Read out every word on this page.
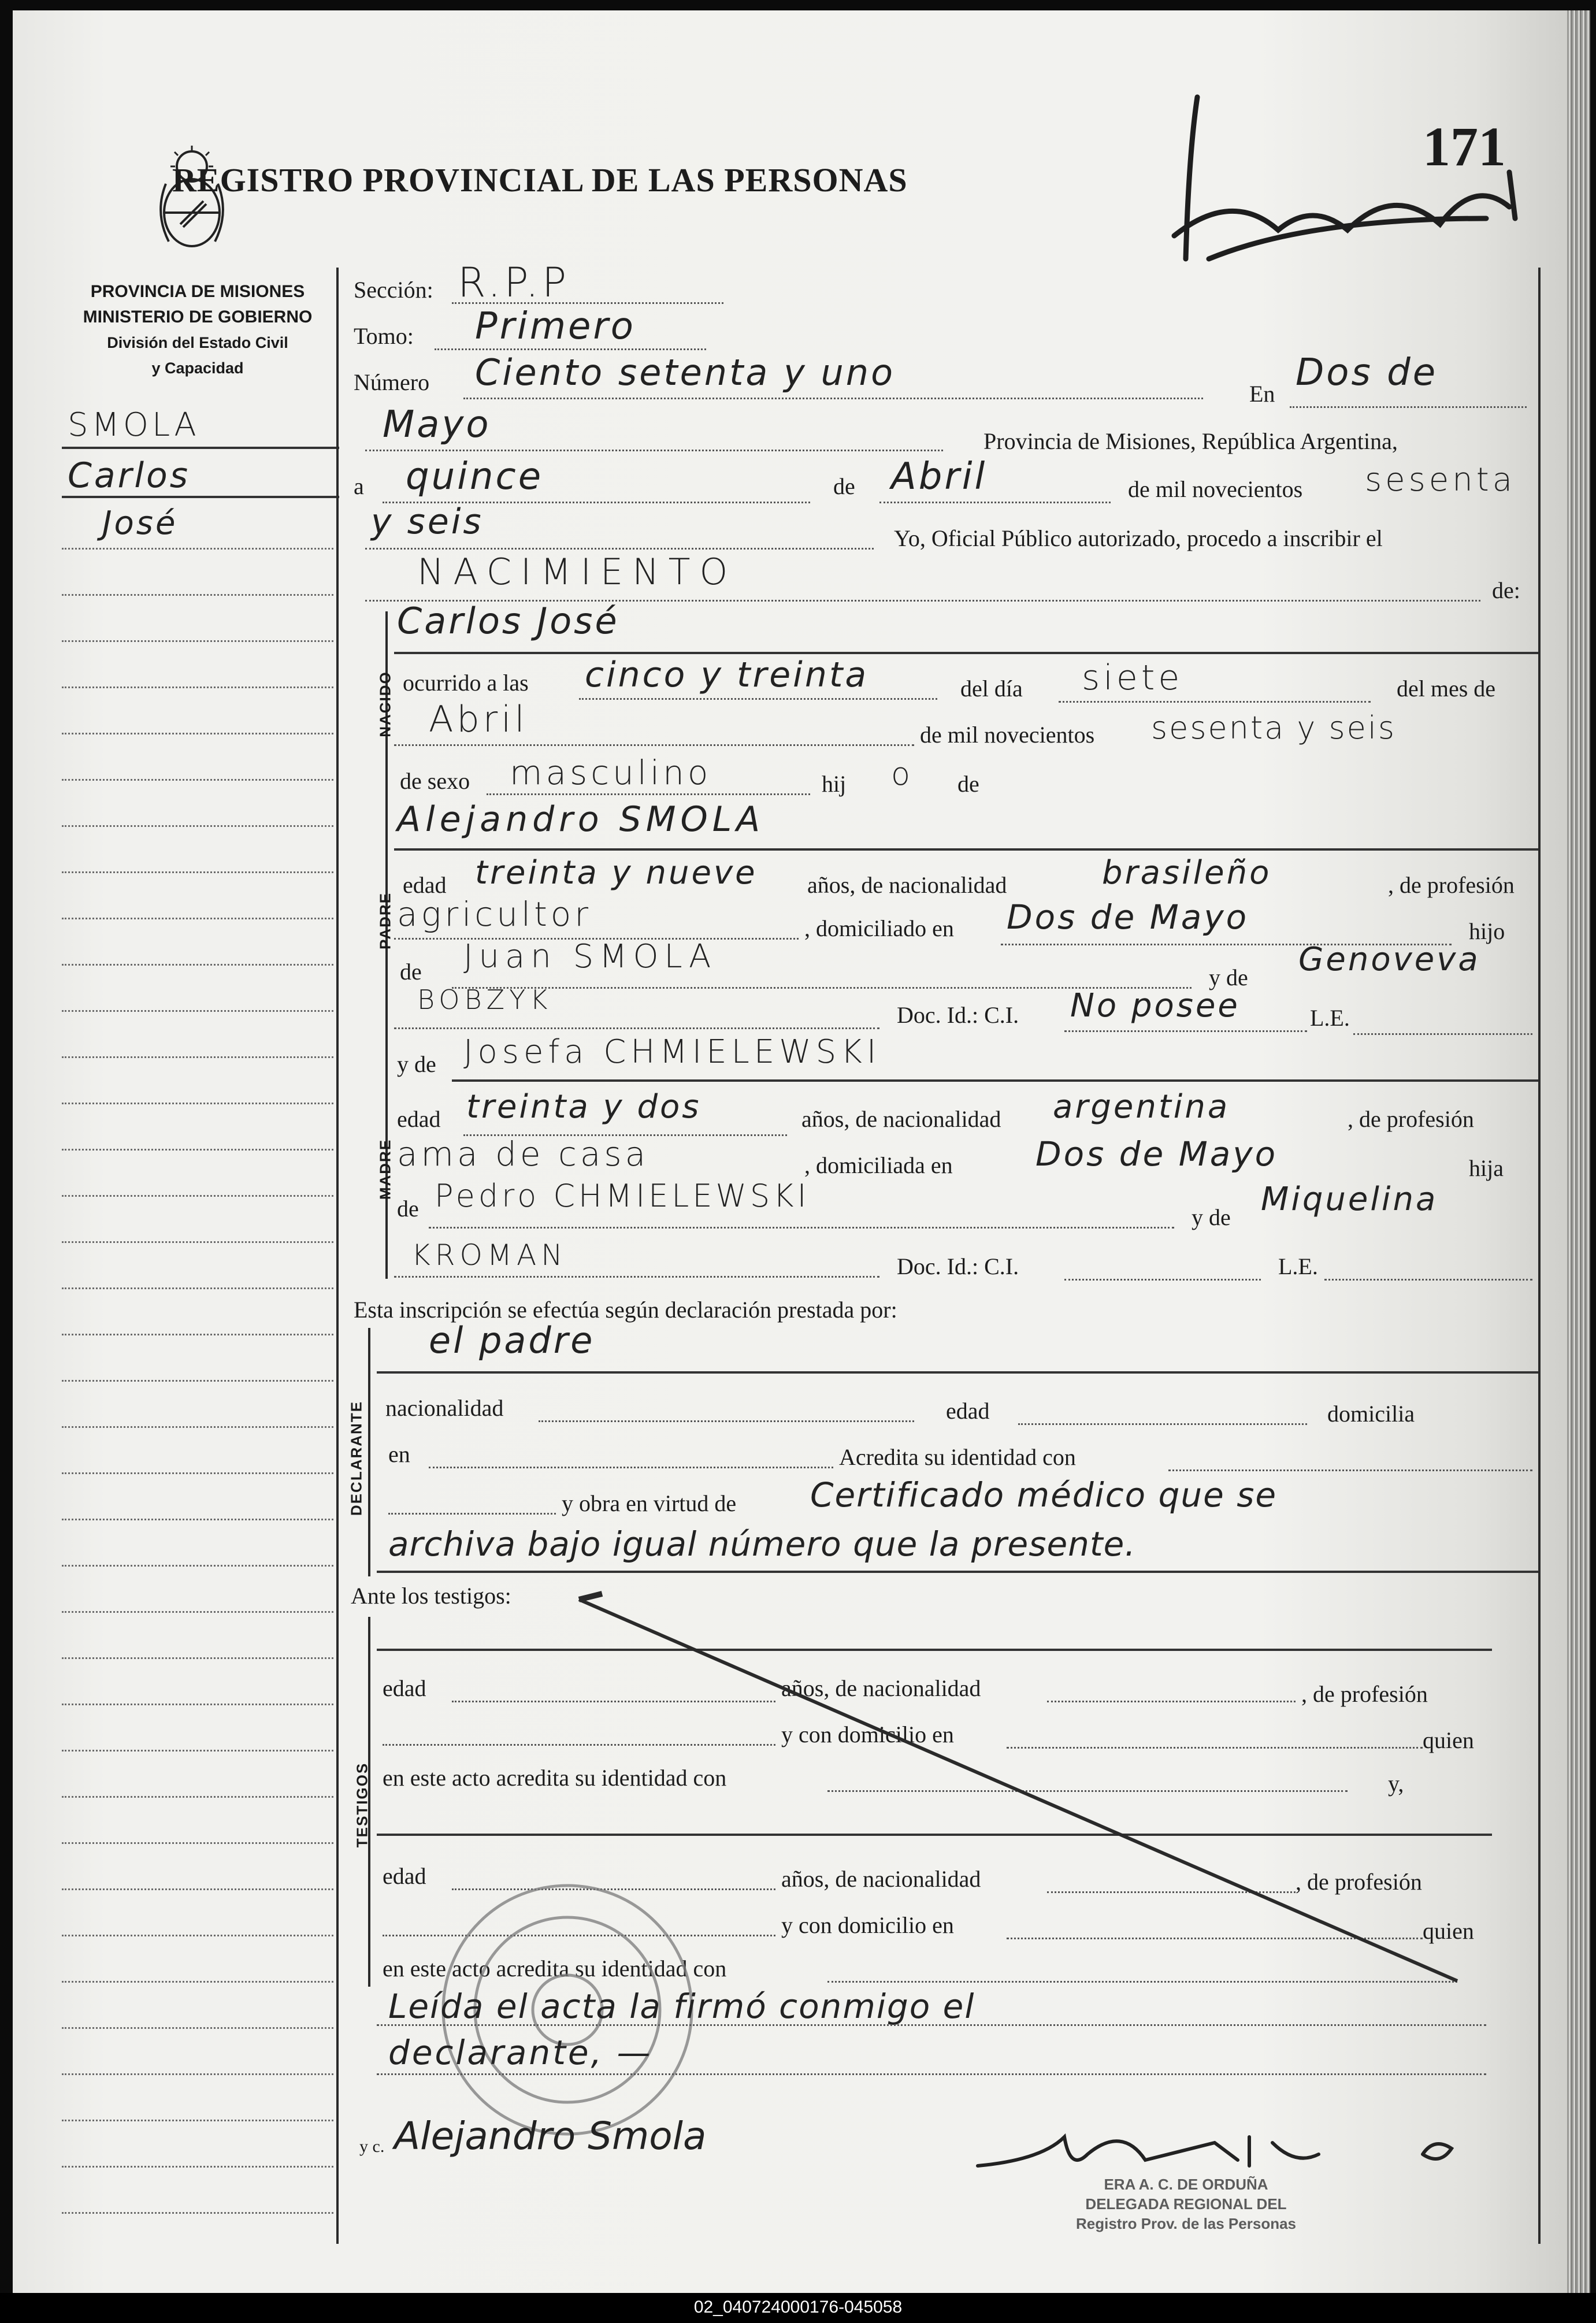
REGISTRO PROVINCIAL DE LAS PERSONAS
171
PROVINCIA DE MISIONES
MINISTERIO DE GOBIERNO
División del Estado Civil
y Capacidad
SMOLA
Carlos
José
Sección: R.P.P
Tomo: Primero
Número Ciento setenta y uno
En Dos de
Mayo	Provincia de Misiones, República Argentina,
a quince	de Abril	de mil novecientos sesenta
y seis	Yo, Oficial Público autorizado, procedo a inscribir el
NACIMIENTO	de:
NACIDO
Carlos José
ocurrido a las cinco y treinta	del día siete	del mes de
Abril	de mil novecientos sesenta y seis
de sexo masculino	hij o de
PADRE
Alejandro SMOLA
edad treinta y nueve años, de nacionalidad	brasileño	, de profesión
agricultor	, domiciliado en Dos de Mayo	hijo
de Juan SMOLA
y de Genoveva
BOBZYK	Doc. Id.: C.I. No posee	L.E.
MADRE
y de Josefa CHMIELEWSKI
edad treinta y dos	años, de nacionalidad argentina	, de profesión
ama de casa	, domiciliada en Dos de Mayo	hija
de Pedro CHMIELEWSKI
y de Miquelina
KROMAN	Doc. Id.: C.I.	L.E.
Esta inscripción se efectúa según declaración prestada por:
DECLARANTE
el padre
nacionalidad	edad	domicilia
en	Acredita su identidad con
y obra en virtud de Certificado médico que se
archiva bajo igual número que la presente.
Ante los testigos:
TESTIGOS
edad	años, de nacionalidad	, de profesión
y con domicilio en	quien
en este acto acredita su identidad con	y,
edad	años, de nacionalidad	, de profesión
y con domicilio en	quien
en este acto acredita su identidad con
Leída el acta la firmó conmigo el
declarante, —
y c. Alejandro Smola
ERA A. C. DE ORDUÑA
DELEGADA REGIONAL DEL
Registro Prov. de las Personas
02_040724000176-045058
